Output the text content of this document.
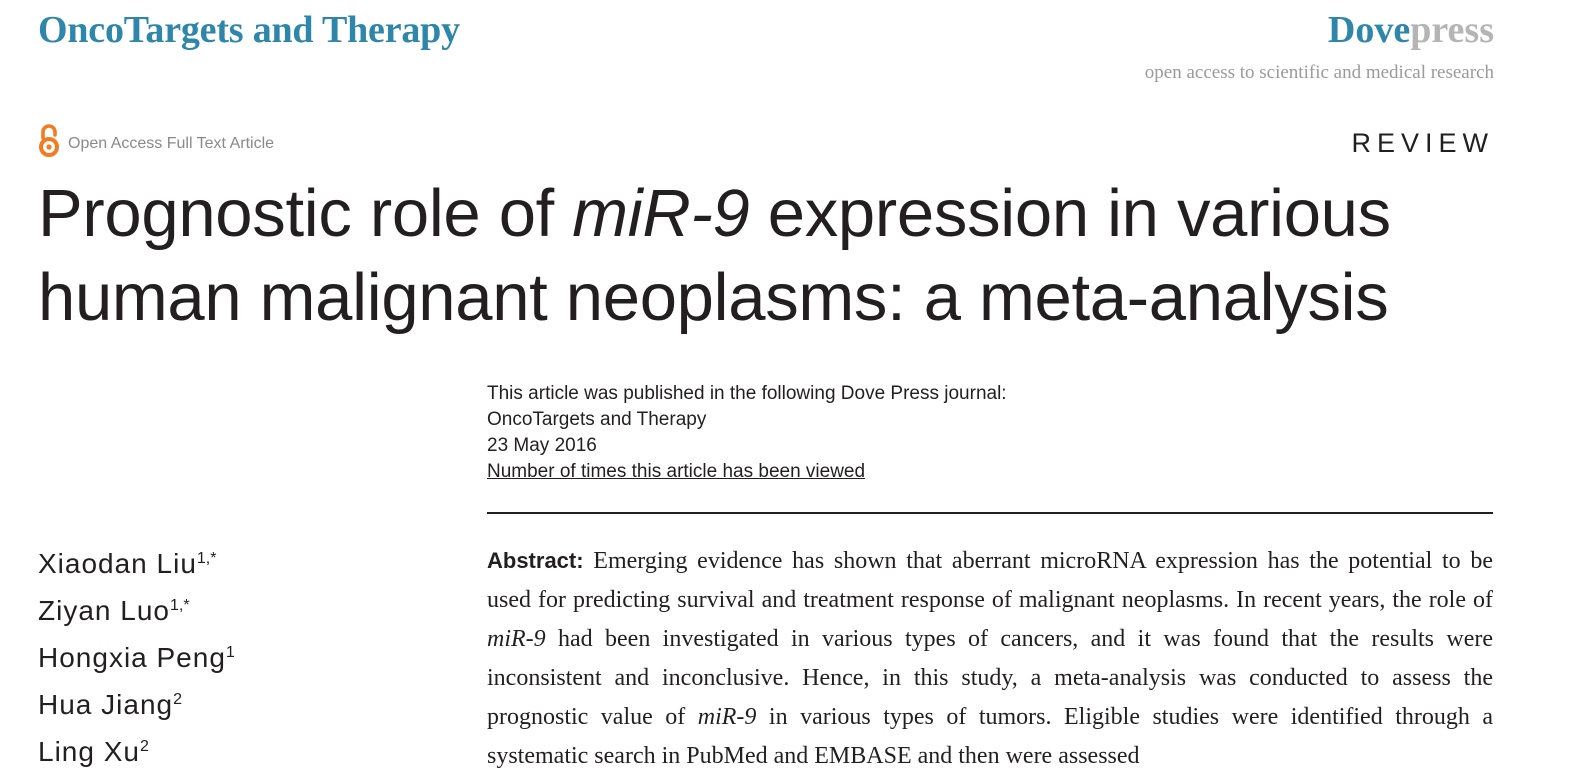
OncoTargets and Therapy	Dovepress
open access to scientific and medical research
Open Access Full Text Article	REVIEW
Prognostic role of miR-9 expression in various human malignant neoplasms: a meta-analysis
This article was published in the following Dove Press journal:
OncoTargets and Therapy
23 May 2016
Number of times this article has been viewed
Xiaodan Liu$^{1,*}$
Ziyan Luo$^{1,*}$
Hongxia Peng$^1$
Hua Jiang$^2$
Ling Xu$^2$

Abstract: Emerging evidence has shown that aberrant microRNA expression has the potential to be used for predicting survival and treatment response of malignant neoplasms. In recent years, the role of miR-9 had been investigated in various types of cancers, and it was found that the results were inconsistent and inconclusive. Hence, in this study, a meta-analysis was conducted to assess the prognostic value of miR-9 in various types of tumors. Eligible studies were identified through a systematic search in PubMed and EMBASE and then were assessed
